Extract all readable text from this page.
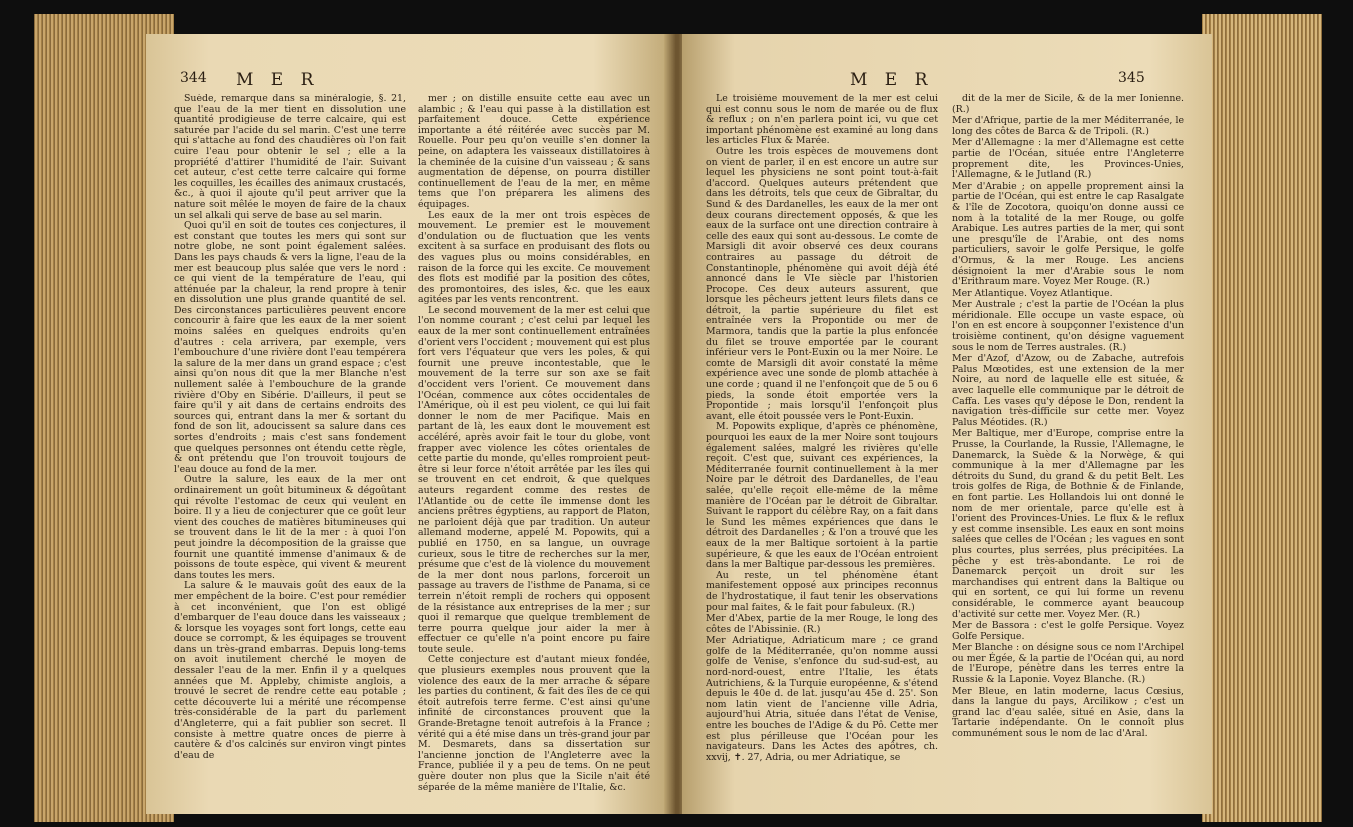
344 M E R

Suède, remarque dans sa minéralogie, §. 21, que l'eau de la mer tient en dissolution une quantité prodigieuse de terre calcaire, qui est saturée par l'acide du sel marin. C'est une terre qui s'attache au fond des chaudières où l'on fait cuire l'eau pour obtenir le sel ; elle a la propriété d'attirer l'humidité de l'air. Suivant cet auteur, c'est cette terre calcaire qui forme les coquilles, les écailles des animaux crustacés, &c., à quoi il ajoute qu'il peut arriver que la nature soit mêlée le moyen de faire de la chaux un sel alkali qui serve de base au sel marin.

Quoi qu'il en soit de toutes ces conjectures, il est constant que toutes les mers qui sont sur notre globe, ne sont point également salées. Dans les pays chauds & vers la ligne, l'eau de la mer est beaucoup plus salée que vers le nord : ce qui vient de la température de l'eau, qui atténuée par la chaleur, la rend propre à tenir en dissolution une plus grande quantité de sel. Des circonstances particulières peuvent encore concourir à faire que les eaux de la mer soient moins salées en quelques endroits qu'en d'autres : cela arrivera, par exemple, vers l'embouchure d'une rivière dont l'eau tempérera la salure de la mer dans un grand espace ; c'est ainsi qu'on nous dit que la mer Blanche n'est nullement salée à l'embouchure de la grande rivière d'Oby en Sibérie. D'ailleurs, il peut se faire qu'il y ait dans de certains endroits des sources qui, entrant dans la mer & sortant du fond de son lit, adoucissent sa salure dans ces sortes d'endroits ; mais c'est sans fondement que quelques personnes ont étendu cette règle, & ont prétendu que l'on trouvoit toujours de l'eau douce au fond de la mer.

Outre la salure, les eaux de la mer ont ordinairement un goût bitumineux & dégoûtant qui révolte l'estomac de ceux qui veulent en boire. Il y a lieu de conjecturer que ce goût leur vient des couches de matières bitumineuses qui se trouvent dans le lit de la mer : à quoi l'on peut joindre la décomposition de la graisse que fournit une quantité immense d'animaux & de poissons de toute espèce, qui vivent & meurent dans toutes les mers.

La salure & le mauvais goût des eaux de la mer empêchent de la boire. C'est pour remédier à cet inconvénient, que l'on est obligé d'embarquer de l'eau douce dans les vaisseaux ; & lorsque les voyages sont fort longs, cette eau douce se corrompt, & les équipages se trouvent dans un très-grand embarras. Depuis long-tems on avoit inutilement cherché le moyen de dessaler l'eau de la mer. Enfin il y a quelques années que M. Appleby, chimiste anglois, a trouvé le secret de rendre cette eau potable ; cette découverte lui a mérité une récompense très-considérable de la part du parlement d'Angleterre, qui a fait publier son secret. Il consiste à mettre quatre onces de pierre à cautère & d'os calcinés sur environ vingt pintes d'eau de

mer ; on distille ensuite cette eau avec un alambic ; & l'eau qui passe à la distillation est parfaitement douce. Cette expérience importante a été réitérée avec succès par M. Rouelle. Pour peu qu'on veuille s'en donner la peine, on adaptera les vaisseaux distillatoires à la cheminée de la cuisine d'un vaisseau ; & sans augmentation de dépense, on pourra distiller continuellement de l'eau de la mer, en même tems que l'on préparera les alimens des équipages.

Les eaux de la mer ont trois espèces de mouvement. Le premier est le mouvement d'ondulation ou de fluctuation que les vents excitent à sa surface en produisant des flots ou des vagues plus ou moins considérables, en raison de la force qui les excite. Ce mouvement des flots est modifié par la position des côtes, des promontoires, des isles, &c. que les eaux agitées par les vents rencontrent.

Le second mouvement de la mer est celui que l'on nomme courant ; c'est celui par lequel les eaux de la mer sont continuellement entraînées d'orient vers l'occident ; mouvement qui est plus fort vers l'équateur que vers les poles, & qui fournit une preuve incontestable, que le mouvement de la terre sur son axe se fait d'occident vers l'orient. Ce mouvement dans l'Océan, commence aux côtes occidentales de l'Amérique, où il est peu violent, ce qui lui fait donner le nom de mer Pacifique. Mais en partant de là, les eaux dont le mouvement est accéléré, après avoir fait le tour du globe, vont frapper avec violence les côtes orientales de cette partie du monde, qu'elles romproient peut-être si leur force n'étoit arrêtée par les îles qui se trouvent en cet endroit, & que quelques auteurs regardent comme des restes de l'Atlantide ou de cette île immense dont les anciens prêtres égyptiens, au rapport de Platon, ne parloient déjà que par tradition. Un auteur allemand moderne, appelé M. Popowits, qui a publié en 1750, en sa langue, un ouvrage curieux, sous le titre de recherches sur la mer, présume que c'est de là violence du mouvement de la mer dont nous parlons, forceroit un passage au travers de l'isthme de Panama, si ce terrein n'étoit rempli de rochers qui opposent de la résistance aux entreprises de la mer ; sur quoi il remarque que quelque tremblement de terre pourra quelque jour aider la mer à effectuer ce qu'elle n'a point encore pu faire toute seule.

Cette conjecture est d'autant mieux fondée, que plusieurs exemples nous prouvent que la violence des eaux de la mer arrache & sépare les parties du continent, & fait des îles de ce qui étoit autrefois terre ferme. C'est ainsi qu'une infinité de circonstances prouvent que la Grande-Bretagne tenoit autrefois à la France ; vérité qui a été mise dans un très-grand jour par M. Desmarets, dans sa dissertation sur l'ancienne jonction de l'Angleterre avec la France, publiée il y a peu de tems. On ne peut guère douter non plus que la Sicile n'ait été séparée de la même manière de l'Italie, &c.

M E R	345

Le troisième mouvement de la mer est celui qui est connu sous le nom de marée ou de flux & reflux ; on n'en parlera point ici, vu que cet important phénomène est examiné au long dans les articles Flux & Marée.

Outre les trois espèces de mouvemens dont on vient de parler, il en est encore un autre sur lequel les physiciens ne sont point tout-à-fait d'accord. Quelques auteurs prétendent que dans les détroits, tels que ceux de Gibraltar, du Sund & des Dardanelles, les eaux de la mer ont deux courans directement opposés, & que les eaux de la surface ont une direction contraire à celle des eaux qui sont au-dessous. Le comte de Marsigli dit avoir observé ces deux courans contraires au passage du détroit de Constantinople, phénomène qui avoit déjà été annoncé dans le VIe siècle par l'historien Procope. Ces deux auteurs assurent, que lorsque les pêcheurs jettent leurs filets dans ce détroit, la partie supérieure du filet est entraînée vers la Propontide ou mer de Marmora, tandis que la partie la plus enfoncée du filet se trouve emportée par le courant inférieur vers le Pont-Euxin ou la mer Noire. Le comte de Marsigli dit avoir constaté la même expérience avec une sonde de plomb attachée à une corde ; quand il ne l'enfonçoit que de 5 ou 6 pieds, la sonde étoit emportée vers la Propontide ; mais lorsqu'il l'enfonçoit plus avant, elle étoit poussée vers le Pont-Euxin.

M. Popowits explique, d'après ce phénomène, pourquoi les eaux de la mer Noire sont toujours également salées, malgré les rivières qu'elle reçoit. C'est que, suivant ces expériences, la Méditerranée fournit continuellement à la mer Noire par le détroit des Dardanelles, de l'eau salée, qu'elle reçoit elle-même de la même manière de l'Océan par le détroit de Gibraltar. Suivant le rapport du célèbre Ray, on a fait dans le Sund les mêmes expériences que dans le détroit des Dardanelles ; & l'on a trouvé que les eaux de la mer Baltique sortoient à la partie supérieure, & que les eaux de l'Océan entroient dans la mer Baltique par-dessous les premières.

Au reste, un tel phénomène étant manifestement opposé aux principes reconnus de l'hydrostatique, il faut tenir les observations pour mal faites, & le fait pour fabuleux. (R.)

Mer d'Abex, partie de la mer Rouge, le long des côtes de l'Abissinie. (R.)

Mer Adriatique, Adriaticum mare ; ce grand golfe de la Méditerranée, qu'on nomme aussi golfe de Venise, s'enfonce du sud-sud-est, au nord-nord-ouest, entre l'Italie, les états Autrichiens, & la Turquie européenne, & s'étend depuis le 40e d. de lat. jusqu'au 45e d. 25'. Son nom latin vient de l'ancienne ville Adria, aujourd'hui Atria, située dans l'état de Venise, entre les bouches de l'Adige & du Pô. Cette mer est plus périlleuse que l'Océan pour les navigateurs. Dans les Actes des apôtres, ch. xxvij, ✝. 27, Adria, ou mer Adriatique, se

dit de la mer de Sicile, & de la mer Ionienne. (R.)

Mer d'Afrique, partie de la mer Méditerranée, le long des côtes de Barca & de Tripoli. (R.)

Mer d'Allemagne : la mer d'Allemagne est cette partie de l'Océan, située entre l'Angleterre proprement dite, les Provinces-Unies, l'Allemagne, & le Jutland (R.)

Mer d'Arabie ; on appelle proprement ainsi la partie de l'Océan, qui est entre le cap Rasalgate & l'île de Zocotora, quoiqu'on donne aussi ce nom à la totalité de la mer Rouge, ou golfe Arabique. Les autres parties de la mer, qui sont une presqu'île de l'Arabie, ont des noms particuliers, savoir le golfe Persique, le golfe d'Ormus, & la mer Rouge. Les anciens désignoient la mer d'Arabie sous le nom d'Erithraum mare. Voyez Mer Rouge. (R.)

Mer Atlantique. Voyez Atlantique.

Mer Australe ; c'est la partie de l'Océan la plus méridionale. Elle occupe un vaste espace, où l'on en est encore à soupçonner l'existence d'un troisième continent, qu'on désigne vaguement sous le nom de Terres australes. (R.)

Mer d'Azof, d'Azow, ou de Zabache, autrefois Palus Mœotides, est une extension de la mer Noire, au nord de laquelle elle est située, & avec laquelle elle communique par le détroit de Caffa. Les vases qu'y dépose le Don, rendent la navigation très-difficile sur cette mer. Voyez Palus Méotides. (R.)

Mer Baltique, mer d'Europe, comprise entre la Prusse, la Courlande, la Russie, l'Allemagne, le Danemarck, la Suède & la Norwège, & qui communique à la mer d'Allemagne par les détroits du Sund, du grand & du petit Belt. Les trois golfes de Riga, de Bothnie & de Finlande, en font partie. Les Hollandois lui ont donné le nom de mer orientale, parce qu'elle est à l'orient des Provinces-Unies. Le flux & le reflux y est comme insensible. Les eaux en sont moins salées que celles de l'Océan ; les vagues en sont plus courtes, plus serrées, plus précipitées. La pêche y est très-abondante. Le roi de Danemarck perçoit un droit sur les marchandises qui entrent dans la Baltique ou qui en sortent, ce qui lui forme un revenu considérable, le commerce ayant beaucoup d'activité sur cette mer. Voyez Mer. (R.)

Mer de Bassora : c'est le golfe Persique. Voyez Golfe Persique.

Mer Blanche : on désigne sous ce nom l'Archipel ou mer Égée, & la partie de l'Océan qui, au nord de l'Europe, pénètre dans les terres entre la Russie & la Laponie. Voyez Blanche. (R.)

Mer Bleue, en latin moderne, lacus Cœsius, dans la langue du pays, Arcilikow ; c'est un grand lac d'eau salée, situé en Asie, dans la Tartarie indépendante. On le connoît plus communément sous le nom de lac d'Aral.
